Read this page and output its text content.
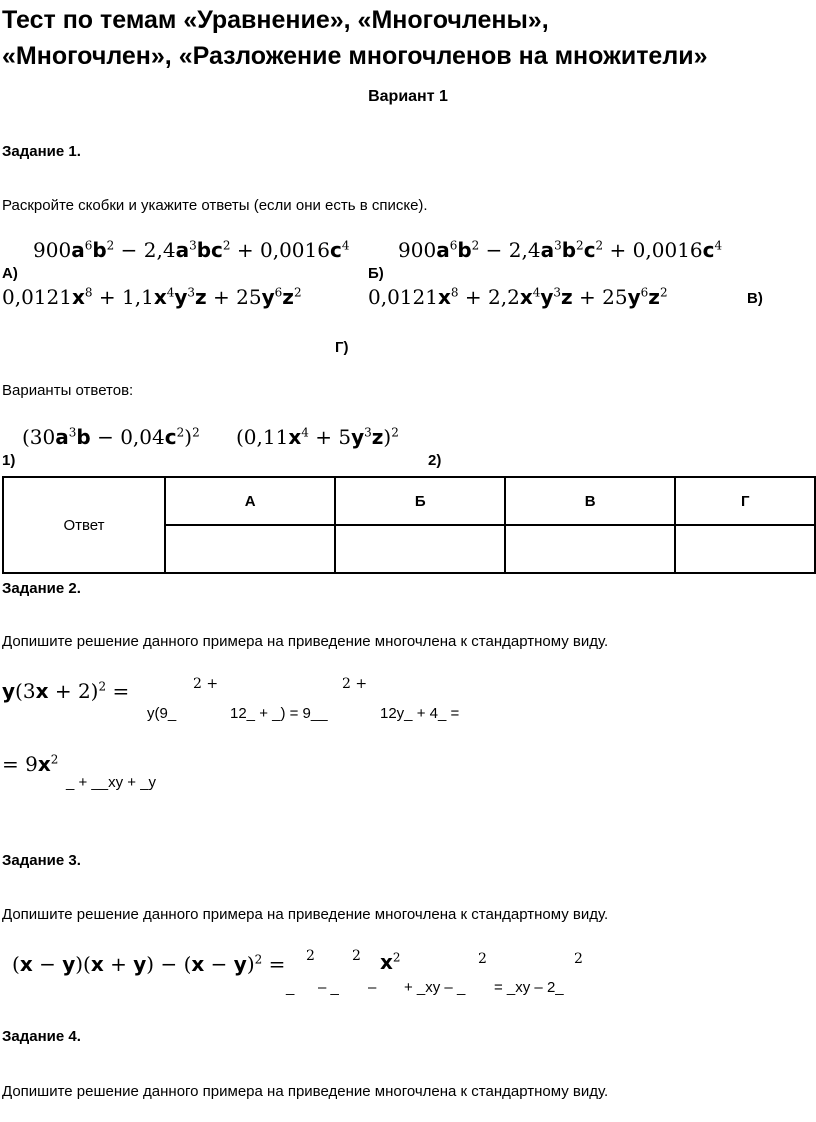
Тест по темам «Уравнение», «Многочлены»,
«Многочлен», «Разложение многочленов на множители»
Вариант 1
Задание 1.
Раскройте скобки и укажите ответы (если они есть в списке).
$900a^6b^2 - 2,4a^3bc^2 + 0,0016c^4$ $900a^6b^2 - 2,4a^3b^2c^2 + 0,0016c^4$
А)	Б)
$0,0121x^8 + 1,1x^4y^3z + 25y^6z^2$	$0,0121x^8 + 2,2x^4y^3z + 25y^6z^2$	В)
Г)
Варианты ответов:
$(30a^3b - 0,04c^2)^2$ $(0,11x^4 + 5y^3z)^2$
1)	2)
Ответ	А	Б	В	Г

Задание 2.
Допишите решение данного примера на приведение многочлена к стандартному виду.
$y(3x + 2)^2$ =	2 +	2 +
у(9_	12_ + _) = 9__	12у_ + 4_ =
= $9x^2$
_ + __ху + _у
Задание 3.
Допишите решение данного примера на приведение многочлена к стандартному виду.
$(x - y)(x + y) - (x - y)^2 = 2$	2 $x^2$	2	2
_ – _ – + _ху – _ = _ху – 2_
Задание 4.
Допишите решение данного примера на приведение многочлена к стандартному виду.
